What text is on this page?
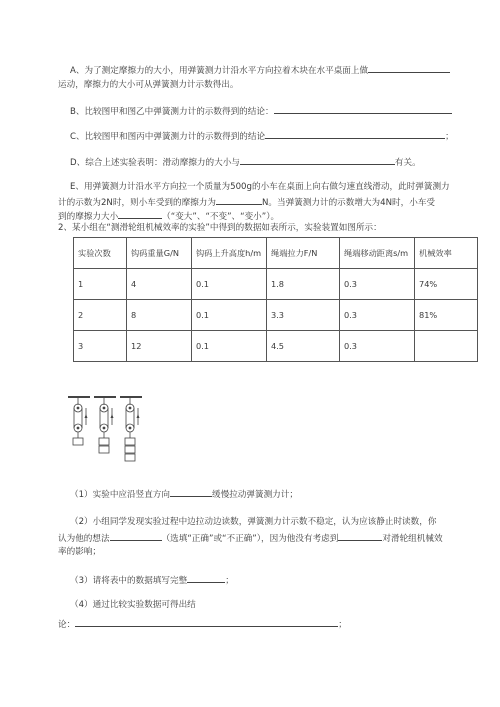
A、为了测定摩擦力的大小，用弹簧测力计沿水平方向拉着木块在水平桌面上做
运动，摩擦力的大小可从弹簧测力计示数得出。
B、比较图甲和图乙中弹簧测力计的示数得到的结论：
C、比较图甲和图丙中弹簧测力计的示数得到的结论	；
D、综合上述实验表明：滑动摩擦力的大小与	有关。
E、用弹簧测力计沿水平方向拉一个质量为500g的小车在桌面上向右做匀速直线滑动，此时弹簧测力
计的示数为2N时，则小车受到的摩擦力为	N。当弹簧测力计的示数增大为4N时，小车受
到的摩擦力大小	（“变大”、“不变”、“变小”）。
2、某小组在“测滑轮组机械效率的实验”中得到的数据如表所示，实验装置如图所示：
实验次数	钩码重量G/N	钩码上升高度h/m	绳端拉力F/N	绳端移动距离s/m	机械效率
1	4	0.1	1.8	0.3	74%
2	8	0.1	3.3	0.3	81%
3	12	0.1	4.5	0.3	
（1）实验中应沿竖直方向	缓慢拉动弹簧测力计；
（2）小组同学发现实验过程中边拉动边读数，弹簧测力计示数不稳定，认为应该静止时读数，你
认为他的想法	（选填“正确”或“不正确”），因为他没有考虑到	对滑轮组机械效
率的影响；
（3）请将表中的数据填写完整	；
（4）通过比较实验数据可得出结
论：	；
